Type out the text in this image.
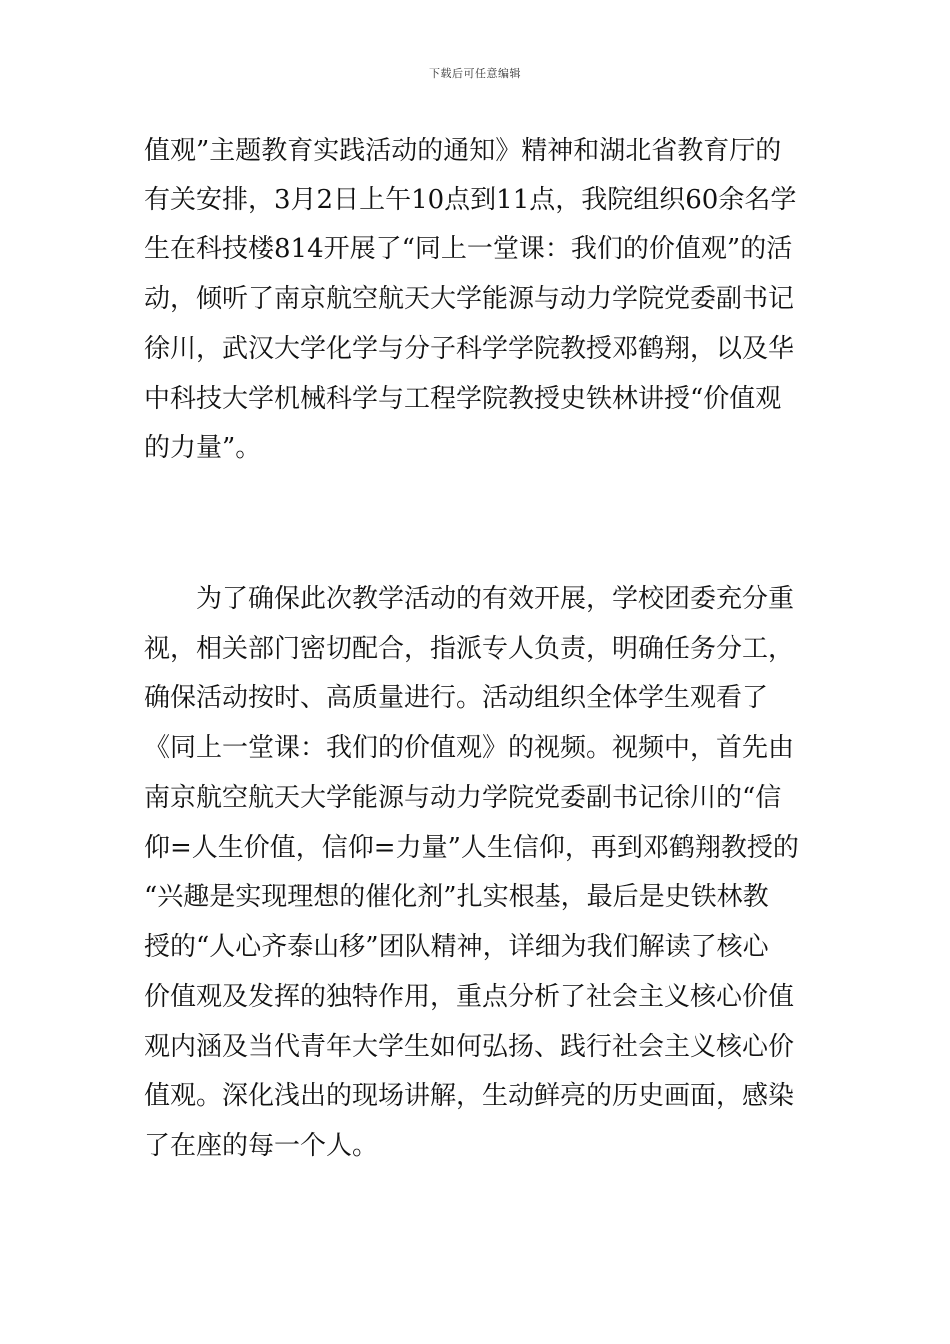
下载后可任意编辑
值观”主题教育实践活动的通知》精神和湖北省教育厅的
有关安排，3月2日上午10点到11点，我院组织60余名学
生在科技楼814开展了“同上一堂课：我们的价值观”的活
动，倾听了南京航空航天大学能源与动力学院党委副书记
徐川，武汉大学化学与分子科学学院教授邓鹤翔，以及华
中科技大学机械科学与工程学院教授史铁林讲授“价值观
的力量”。
为了确保此次教学活动的有效开展，学校团委充分重
视，相关部门密切配合，指派专人负责，明确任务分工，
确保活动按时、高质量进行。活动组织全体学生观看了
《同上一堂课：我们的价值观》的视频。视频中，首先由
南京航空航天大学能源与动力学院党委副书记徐川的“信
仰=人生价值，信仰=力量”人生信仰，再到邓鹤翔教授的
“兴趣是实现理想的催化剂”扎实根基，最后是史铁林教
授的“人心齐泰山移”团队精神，详细为我们解读了核心
价值观及发挥的独特作用，重点分析了社会主义核心价值
观内涵及当代青年大学生如何弘扬、践行社会主义核心价
值观。深化浅出的现场讲解，生动鲜亮的历史画面，感染
了在座的每一个人。
